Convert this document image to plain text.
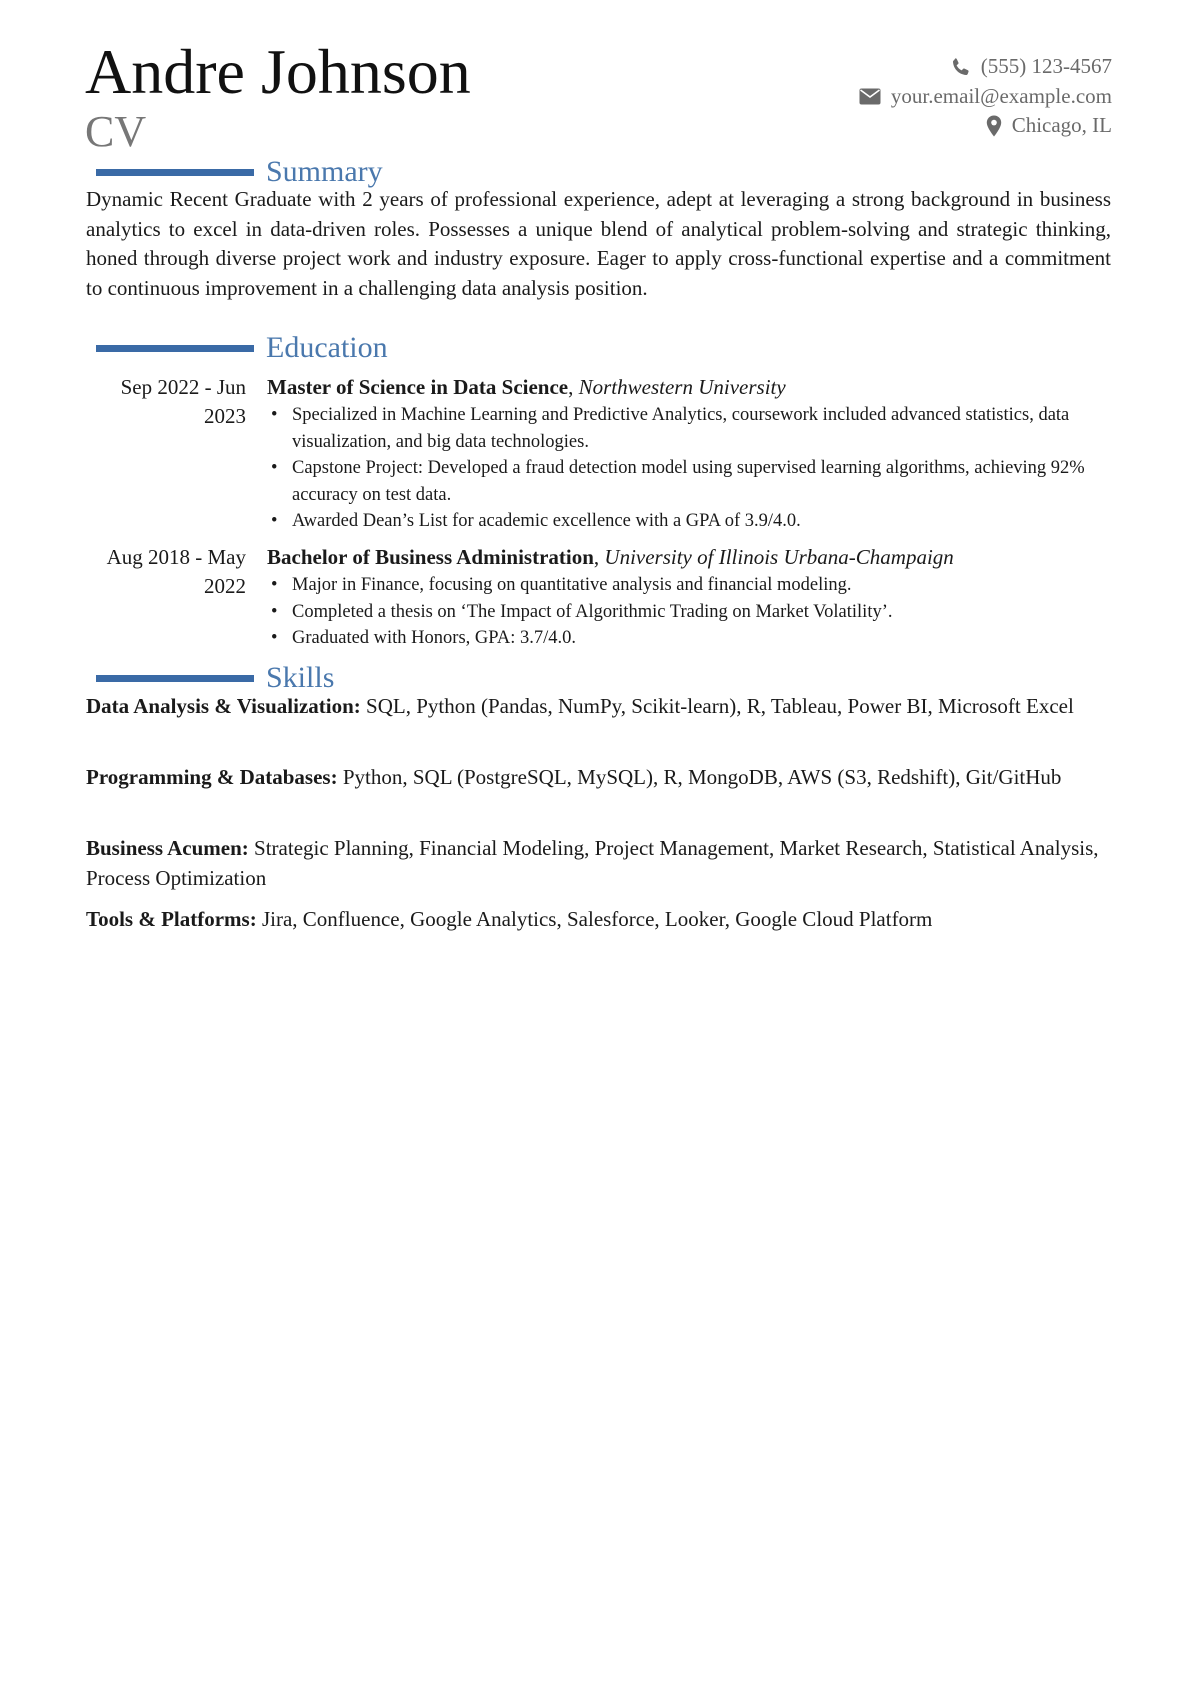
Andre Johnson
CV
(555) 123-4567
your.email@example.com
Chicago, IL
Summary

Dynamic Recent Graduate with 2 years of professional experience, adept at leveraging a strong background in business analytics to excel in data-driven roles. Possesses a unique blend of analytical problem-solving and strategic thinking, honed through diverse project work and industry exposure. Eager to apply cross-functional expertise and a commitment to continuous improvement in a challenging data analysis position.

Education
Sep 2022 - Jun 2023
Master of Science in Data Science, Northwestern University
• Specialized in Machine Learning and Predictive Analytics, coursework included advanced statistics, data visualization, and big data technologies.
• Capstone Project: Developed a fraud detection model using supervised learning algorithms, achieving 92% accuracy on test data.
• Awarded Dean’s List for academic excellence with a GPA of 3.9/4.0.
Aug 2018 - May 2022
Bachelor of Business Administration, University of Illinois Urbana-Champaign
• Major in Finance, focusing on quantitative analysis and financial modeling.
• Completed a thesis on ‘The Impact of Algorithmic Trading on Market Volatility’.
• Graduated with Honors, GPA: 3.7/4.0.
Skills
Data Analysis & Visualization: SQL, Python (Pandas, NumPy, Scikit-learn), R, Tableau, Power BI, Microsoft Excel
Programming & Databases: Python, SQL (PostgreSQL, MySQL), R, MongoDB, AWS (S3, Redshift), Git/GitHub
Business Acumen: Strategic Planning, Financial Modeling, Project Management, Market Research, Statistical Analysis, Process Optimization
Tools & Platforms: Jira, Confluence, Google Analytics, Salesforce, Looker, Google Cloud Platform
